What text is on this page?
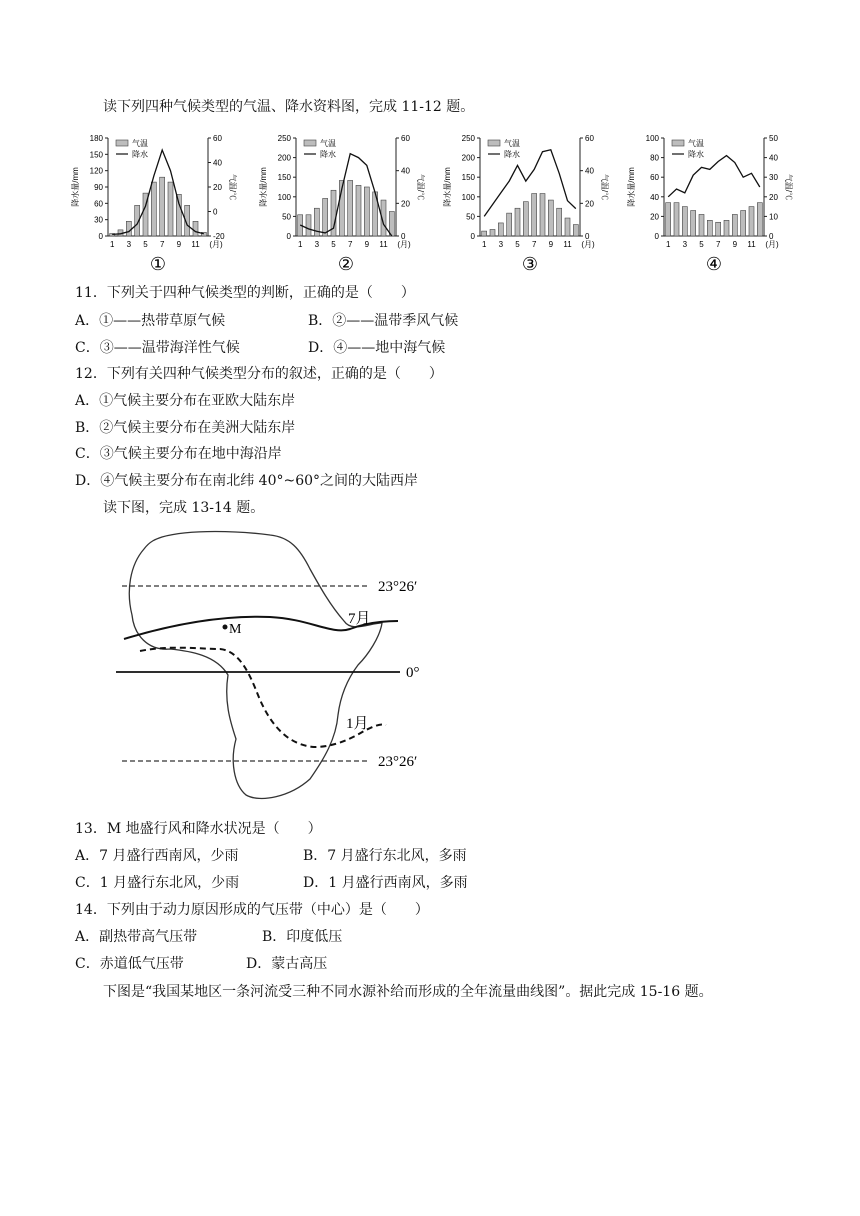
读下列四种气候类型的气温、降水资料图，完成 11-12 题。
180
150
120
90
60
30
0
60
40
20
0
-20
降水量/mm	气温/℃
1 3 5 7 9 11 (月)
气温
降水
①
250
200
150
100
50
0
60
40
20
0
降水量/mm	气温/℃
1 3 5 7 9 11 (月)
气温
降水
②
250
200
150
100
50
0
60
40
20
0
降水量/mm	气温/℃
1 3 5 7 9 11 (月)
气温
降水
③
100
80
60
40
20
0
50
40
30
20
10
0
降水量/mm	气温/℃
1 3 5 7 9 11 (月)
气温
降水
④
11．下列关于四种气候类型的判断，正确的是（　　）
A．①——热带草原气候	B．②——温带季风气候
C．③——温带海洋性气候	D．④——地中海气候
12．下列有关四种气候类型分布的叙述，正确的是（　　）
A．①气候主要分布在亚欧大陆东岸
B．②气候主要分布在美洲大陆东岸
C．③气候主要分布在地中海沿岸
D．④气候主要分布在南北纬 40°~60°之间的大陆西岸
读下图，完成 13-14 题。
23°26′
0°
23°26′
7月
1月
M
13．M 地盛行风和降水状况是（　　）
A．7 月盛行西南风，少雨	B．7 月盛行东北风，多雨
C．1 月盛行东北风，少雨	D．1 月盛行西南风，多雨
14．下列由于动力原因形成的气压带（中心）是（　　）
A．副热带高气压带	B．印度低压
C．赤道低气压带	D．蒙古高压
下图是“我国某地区一条河流受三种不同水源补给而形成的全年流量曲线图”。据此完成 15-16 题。
